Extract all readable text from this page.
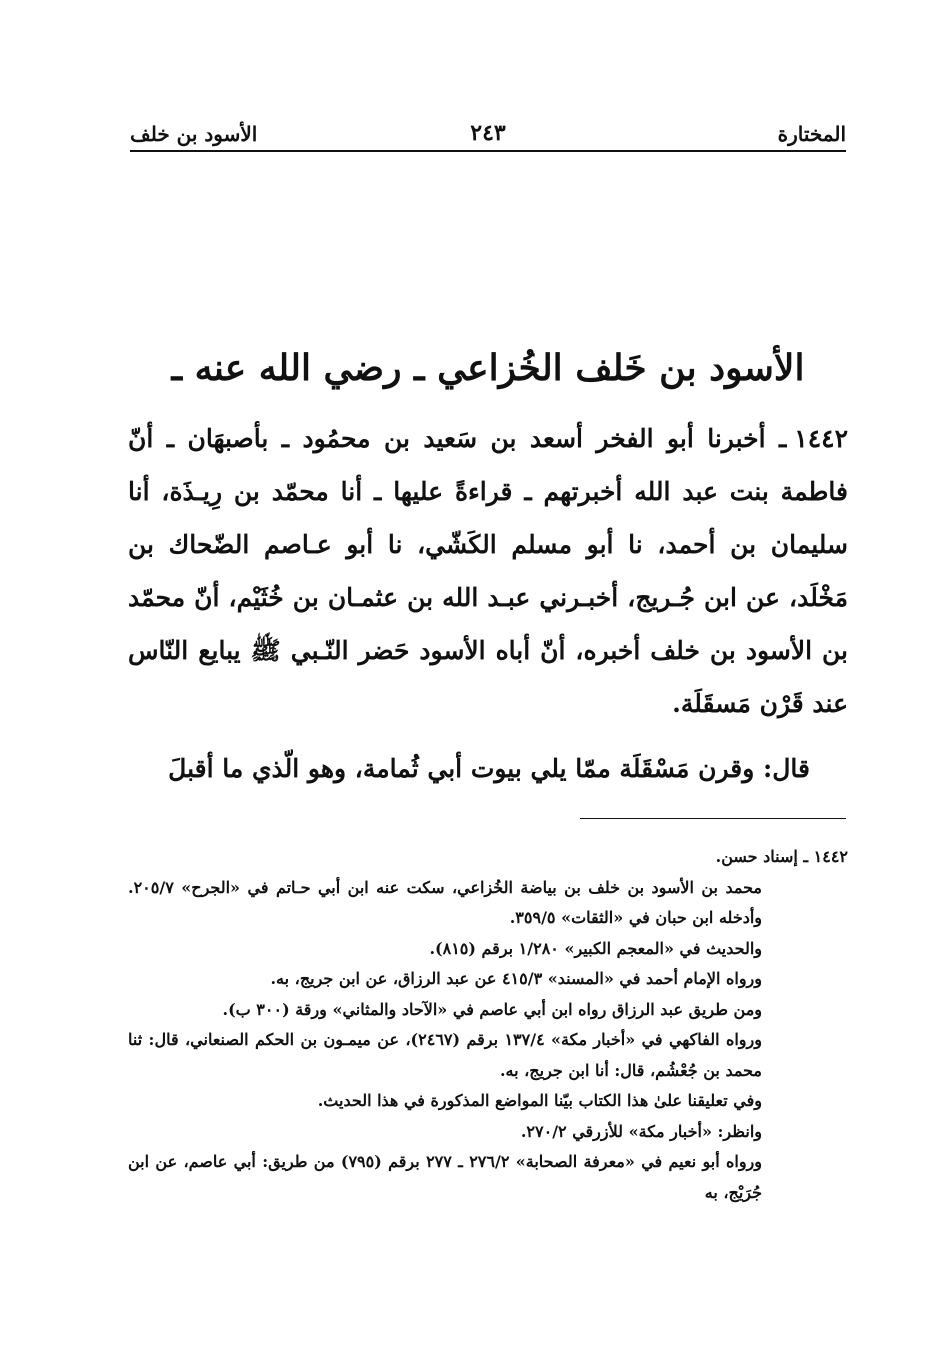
المختارة
٢٤٣
الأسود بن خلف
الأسود بن خَلف الخُزاعي ـ رضي الله عنه ـ

١٤٤٢ـ أخبرنا أبو الفخر أسعد بن سَعيد بن محمُود ـ بأصبهَان ـ أنّ فاطمة بنت عبد الله أخبرتهم ـ قراءةً عليها ـ أنا محمّد بن رِيـذَة، أنا سليمان بن أحمد، نا أبو مسلم الكَشّي، نا أبو عـاصم الضّحاك بن مَخْلَد، عن ابن جُـريج، أخبـرني عبـد الله بن عثمـان بن خُثَيْم، أنّ محمّد بن الأسود بن خلف أخبره، أنّ أباه الأسود حَضر النّـبي ﷺ يبايع النّاس عند قَرْن مَسقَلَة.

قال: وقرن مَسْقَلَة ممّا يلي بيوت أبي ثُمامة، وهو الّذي ما أقبلَ

١٤٤٢ ـ إسناد حسن.

محمد بن الأسود بن خلف بن بياضة الخُزاعي، سكت عنه ابن أبي حـاتم في «الجرح» ٢٠٥/٧. وأدخله ابن حبان في «الثقات» ٣٥٩/٥.

والحديث في «المعجم الكبير» ١/٢٨٠ برقم (٨١٥).

ورواه الإمام أحمد في «المسند» ٤١٥/٣ عن عبد الرزاق، عن ابن جريج، به.

ومن طريق عبد الرزاق رواه ابن أبي عاصم في «الآحاد والمثاني» ورقة (٣٠٠ ب).

ورواه الفاكهي في «أخبار مكة» ١٣٧/٤ برقم (٢٤٦٧)، عن ميمـون بن الحكم الصنعاني، قال: ثنا محمد بن جُعْشُم، قال: أنا ابن جريج، به.

وفي تعليقنا علىٰ هذا الكتاب بيّنا المواضع المذكورة في هذا الحديث.

وانظر: «أخبار مكة» للأزرقي ٢٧٠/٢.

ورواه أبو نعيم في «معرفة الصحابة» ٢٧٦/٢ ـ ٢٧٧ برقم (٧٩٥) من طريق: أبي عاصم، عن ابن جُرَيْج، به
